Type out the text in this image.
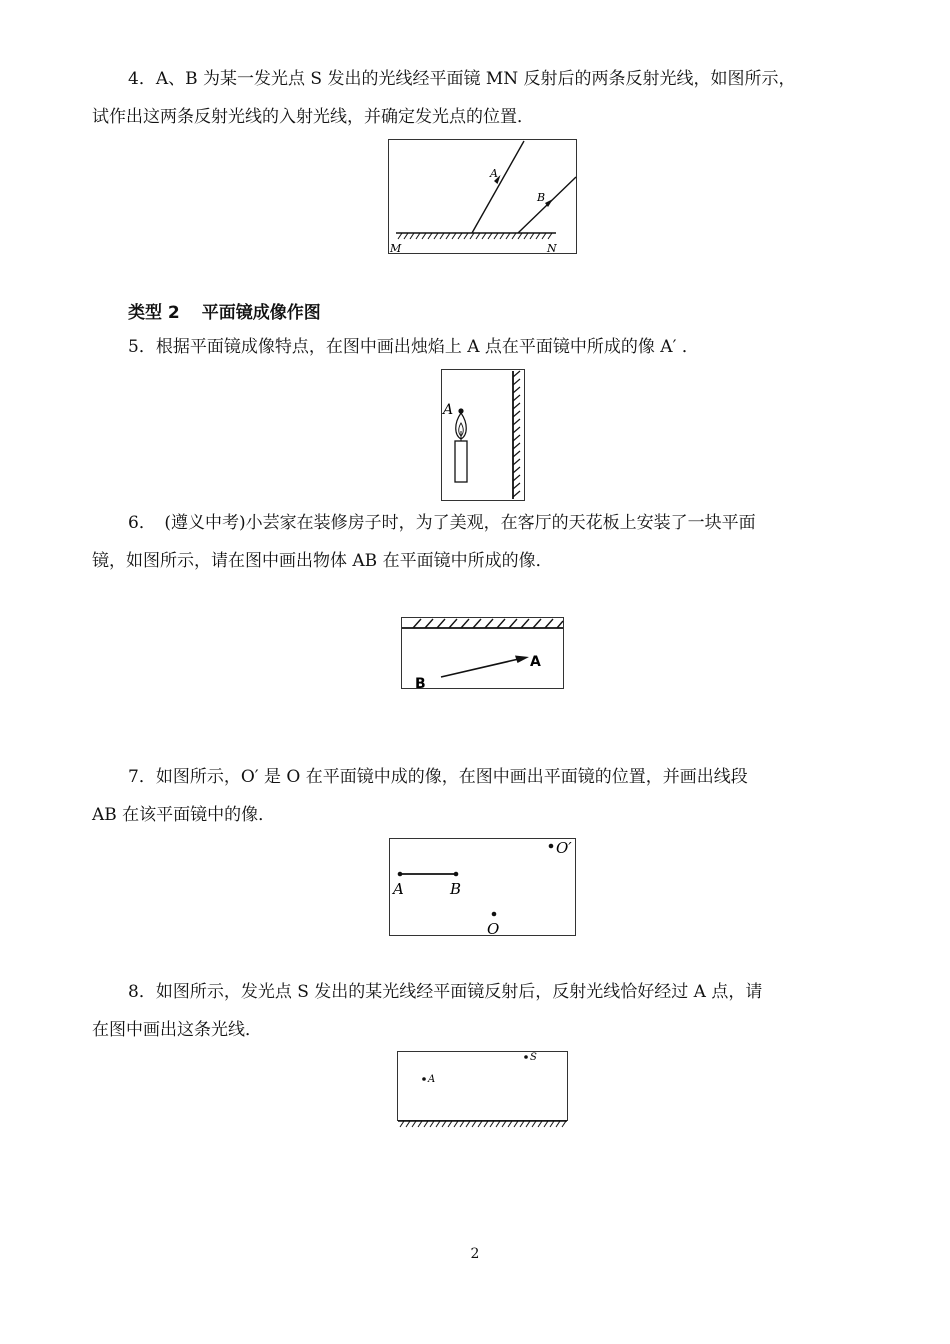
4．A、B 为某一发光点 S 发出的光线经平面镜 MN 反射后的两条反射光线，如图所示，
试作出这两条反射光线的入射光线，并确定发光点的位置．
A
B
M	N
类型 2 平面镜成像作图
5．根据平面镜成像特点，在图中画出烛焰上 A 点在平面镜中所成的像 A′ ．
A
6．　(遵义中考)小芸家在装修房子时，为了美观，在客厅的天花板上安装了一块平面
镜，如图所示，请在图中画出物体 AB 在平面镜中所成的像．
A
B
7．如图所示，O′ 是 O 在平面镜中成的像，在图中画出平面镜的位置，并画出线段
AB 在该平面镜中的像．
A	B
O
O′
8．如图所示，发光点 S 发出的某光线经平面镜反射后，反射光线恰好经过 A 点，请
在图中画出这条光线．
A
S
2
